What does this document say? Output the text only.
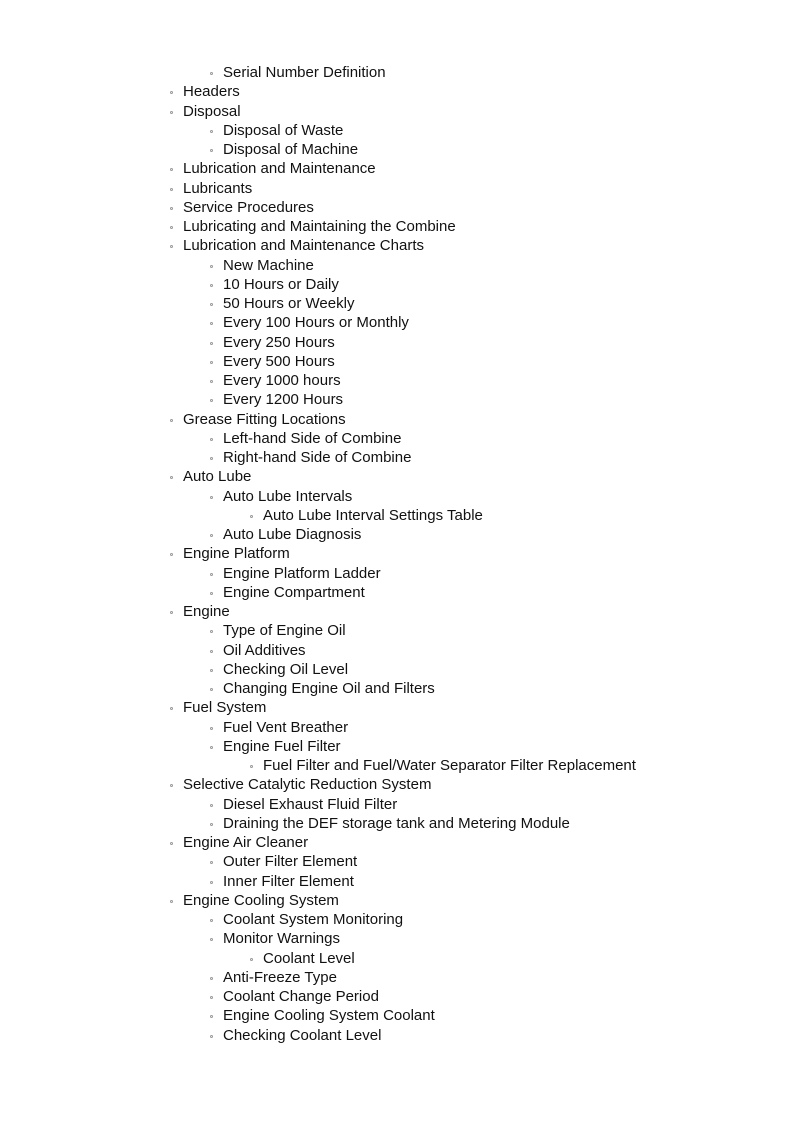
Serial Number Definition
Headers
Disposal
Disposal of Waste
Disposal of Machine
Lubrication and Maintenance
Lubricants
Service Procedures
Lubricating and Maintaining the Combine
Lubrication and Maintenance Charts
New Machine
10 Hours or Daily
50 Hours or Weekly
Every 100 Hours or Monthly
Every 250 Hours
Every 500 Hours
Every 1000 hours
Every 1200 Hours
Grease Fitting Locations
Left-hand Side of Combine
Right-hand Side of Combine
Auto Lube
Auto Lube Intervals
Auto Lube Interval Settings Table
Auto Lube Diagnosis
Engine Platform
Engine Platform Ladder
Engine Compartment
Engine
Type of Engine Oil
Oil Additives
Checking Oil Level
Changing Engine Oil and Filters
Fuel System
Fuel Vent Breather
Engine Fuel Filter
Fuel Filter and Fuel/Water Separator Filter Replacement
Selective Catalytic Reduction System
Diesel Exhaust Fluid Filter
Draining the DEF storage tank and Metering Module
Engine Air Cleaner
Outer Filter Element
Inner Filter Element
Engine Cooling System
Coolant System Monitoring
Monitor Warnings
Coolant Level
Anti-Freeze Type
Coolant Change Period
Engine Cooling System Coolant
Checking Coolant Level
